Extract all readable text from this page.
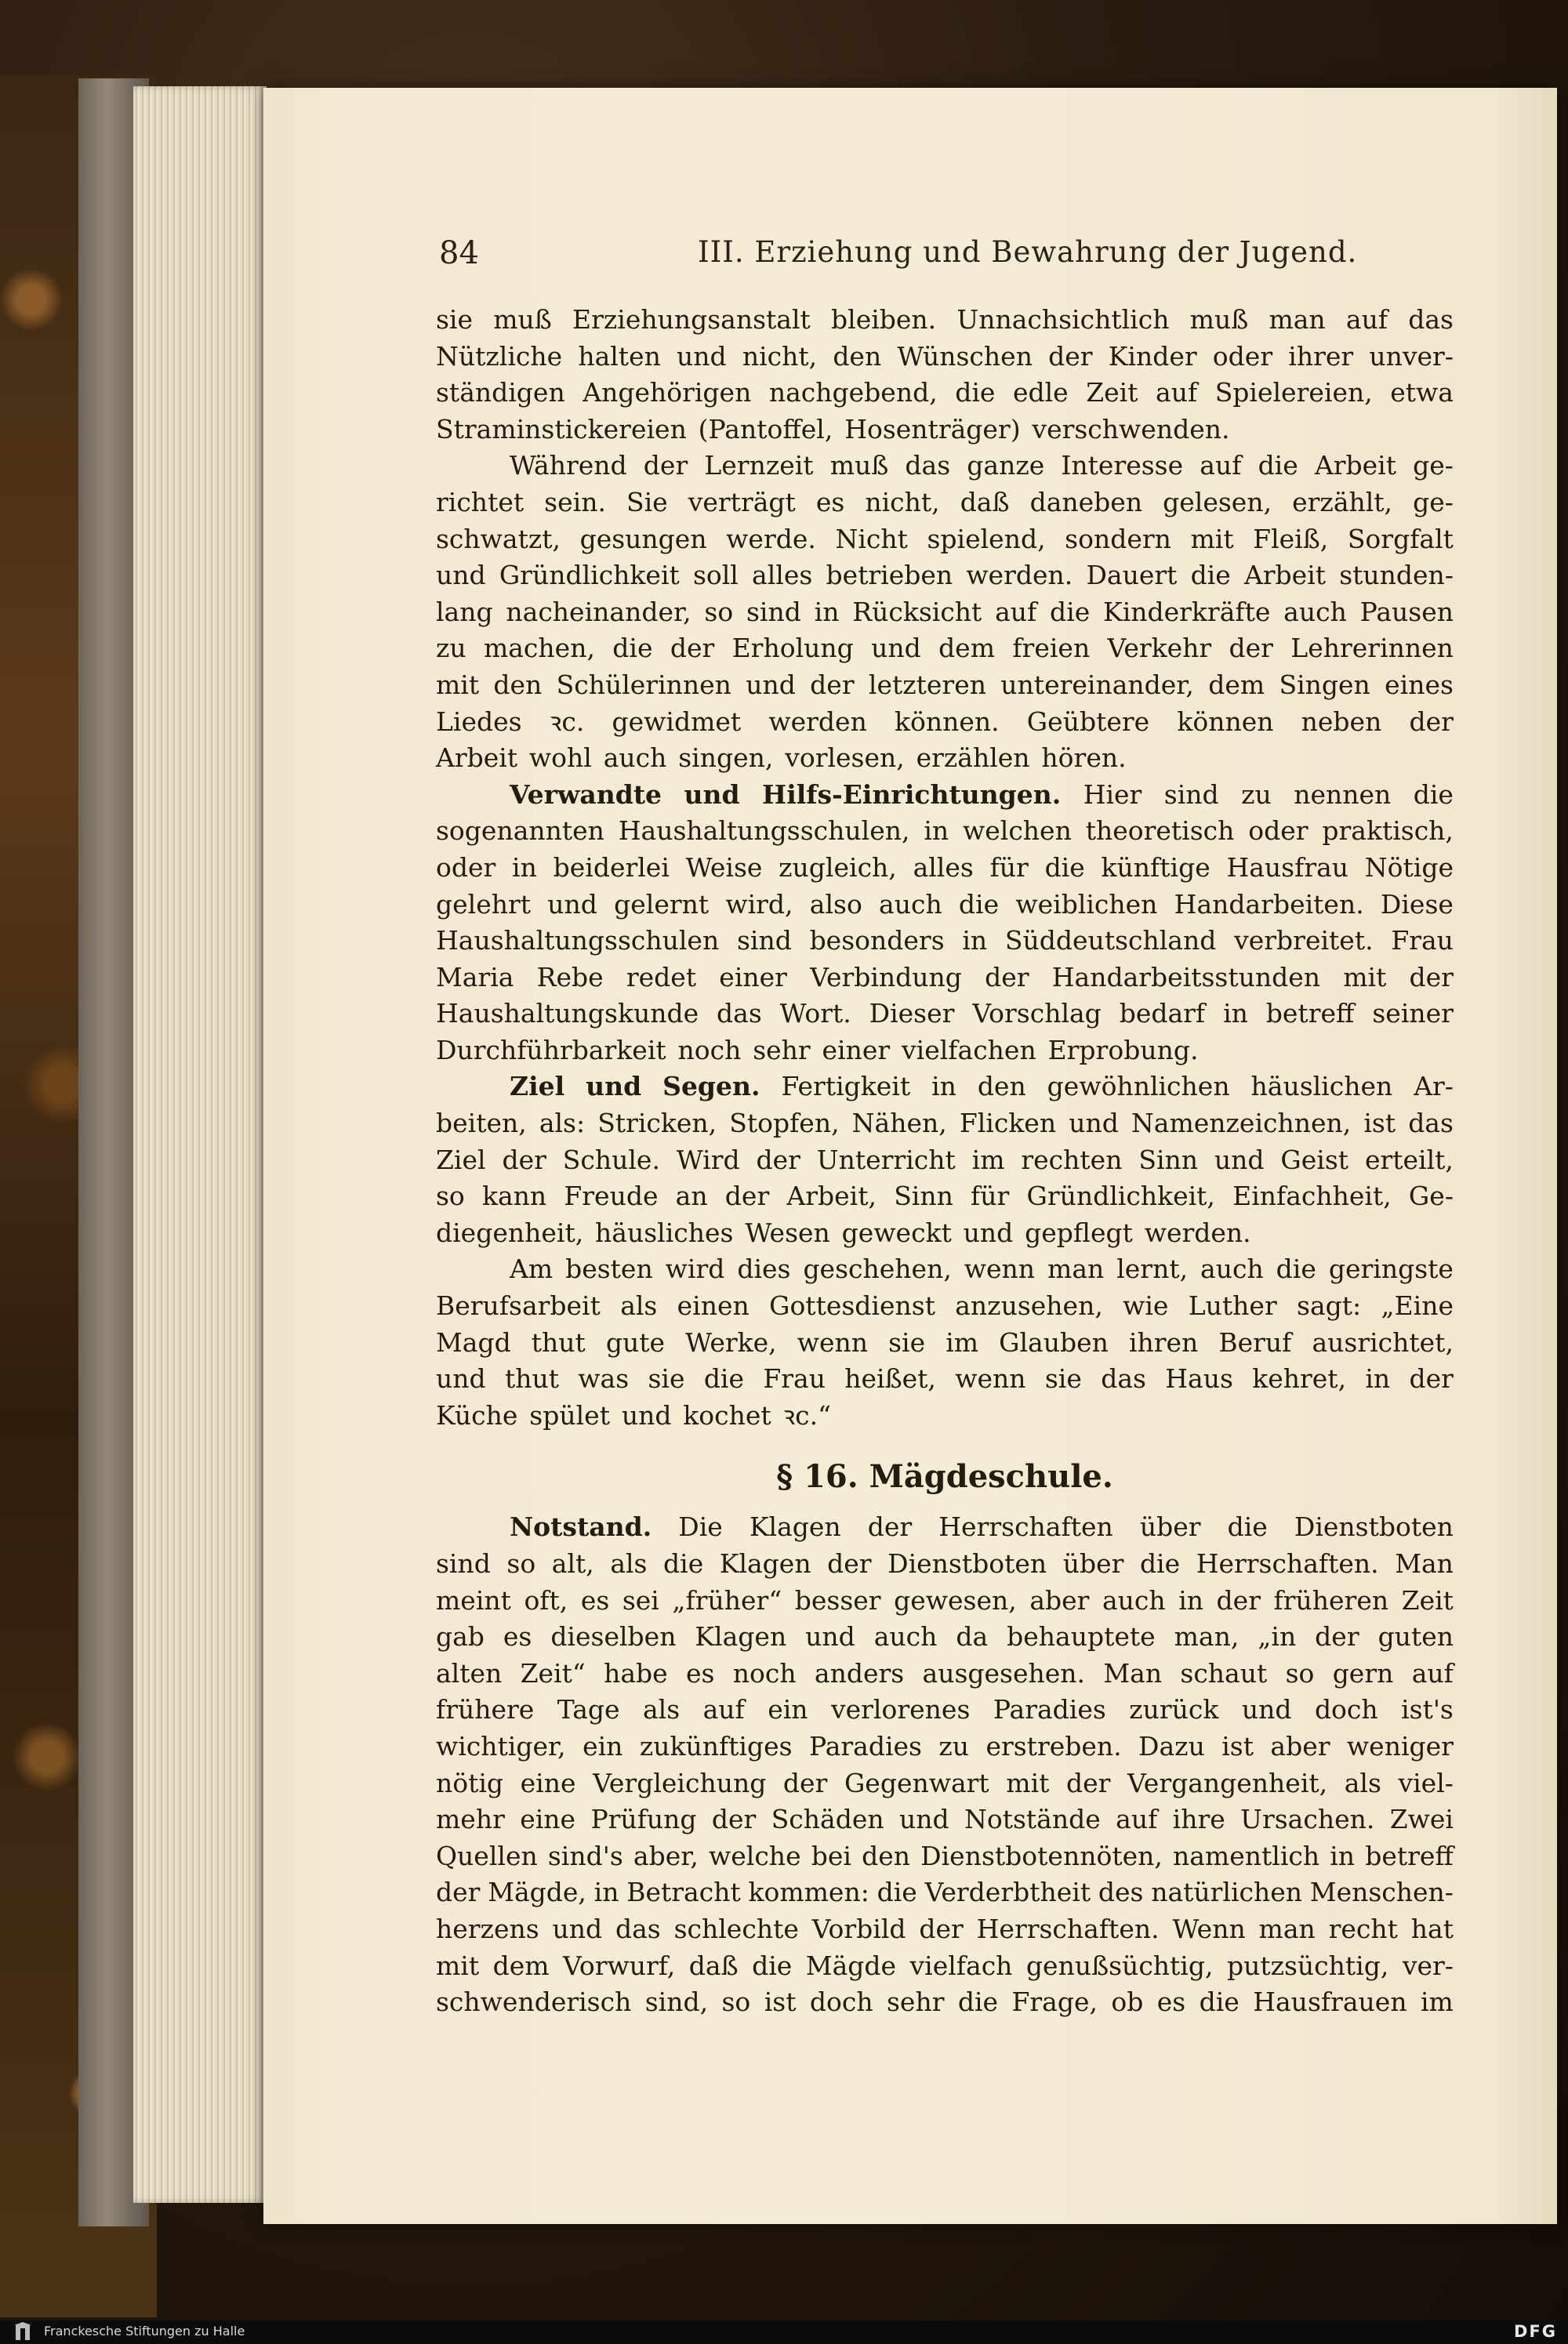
84	III. Erziehung und Bewahrung der Jugend.
sie muß Erziehungsanstalt bleiben. Unnachsichtlich muß man auf das
Nützliche halten und nicht, den Wünschen der Kinder oder ihrer unver-
ständigen Angehörigen nachgebend, die edle Zeit auf Spielereien, etwa
Straminstickereien (Pantoffel, Hosenträger) verschwenden.
Während der Lernzeit muß das ganze Interesse auf die Arbeit ge-
richtet sein. Sie verträgt es nicht, daß daneben gelesen, erzählt, ge-
schwatzt, gesungen werde. Nicht spielend, sondern mit Fleiß, Sorgfalt
und Gründlichkeit soll alles betrieben werden. Dauert die Arbeit stunden-
lang nacheinander, so sind in Rücksicht auf die Kinderkräfte auch Pausen
zu machen, die der Erholung und dem freien Verkehr der Lehrerinnen
mit den Schülerinnen und der letzteren untereinander, dem Singen eines
Liedes ꝛc. gewidmet werden können. Geübtere können neben der
Arbeit wohl auch singen, vorlesen, erzählen hören.
Verwandte und Hilfs-Einrichtungen. Hier sind zu nennen die
sogenannten Haushaltungsschulen, in welchen theoretisch oder praktisch,
oder in beiderlei Weise zugleich, alles für die künftige Hausfrau Nötige
gelehrt und gelernt wird, also auch die weiblichen Handarbeiten. Diese
Haushaltungsschulen sind besonders in Süddeutschland verbreitet. Frau
Maria Rebe redet einer Verbindung der Handarbeitsstunden mit der
Haushaltungskunde das Wort. Dieser Vorschlag bedarf in betreff seiner
Durchführbarkeit noch sehr einer vielfachen Erprobung.
Ziel und Segen. Fertigkeit in den gewöhnlichen häuslichen Ar-
beiten, als: Stricken, Stopfen, Nähen, Flicken und Namenzeichnen, ist das
Ziel der Schule. Wird der Unterricht im rechten Sinn und Geist erteilt,
so kann Freude an der Arbeit, Sinn für Gründlichkeit, Einfachheit, Ge-
diegenheit, häusliches Wesen geweckt und gepflegt werden.
Am besten wird dies geschehen, wenn man lernt, auch die geringste
Berufsarbeit als einen Gottesdienst anzusehen, wie Luther sagt: „Eine
Magd thut gute Werke, wenn sie im Glauben ihren Beruf ausrichtet,
und thut was sie die Frau heißet, wenn sie das Haus kehret, in der
Küche spület und kochet ꝛc.“
§ 16. Mägdeschule.
Notstand. Die Klagen der Herrschaften über die Dienstboten
sind so alt, als die Klagen der Dienstboten über die Herrschaften. Man
meint oft, es sei „früher“ besser gewesen, aber auch in der früheren Zeit
gab es dieselben Klagen und auch da behauptete man, „in der guten
alten Zeit“ habe es noch anders ausgesehen. Man schaut so gern auf
frühere Tage als auf ein verlorenes Paradies zurück und doch ist's
wichtiger, ein zukünftiges Paradies zu erstreben. Dazu ist aber weniger
nötig eine Vergleichung der Gegenwart mit der Vergangenheit, als viel-
mehr eine Prüfung der Schäden und Notstände auf ihre Ursachen. Zwei
Quellen sind's aber, welche bei den Dienstbotennöten, namentlich in betreff
der Mägde, in Betracht kommen: die Verderbtheit des natürlichen Menschen-
herzens und das schlechte Vorbild der Herrschaften. Wenn man recht hat
mit dem Vorwurf, daß die Mägde vielfach genußsüchtig, putzsüchtig, ver-
schwenderisch sind, so ist doch sehr die Frage, ob es die Hausfrauen im
Franckesche Stiftungen zu Halle	DFG
